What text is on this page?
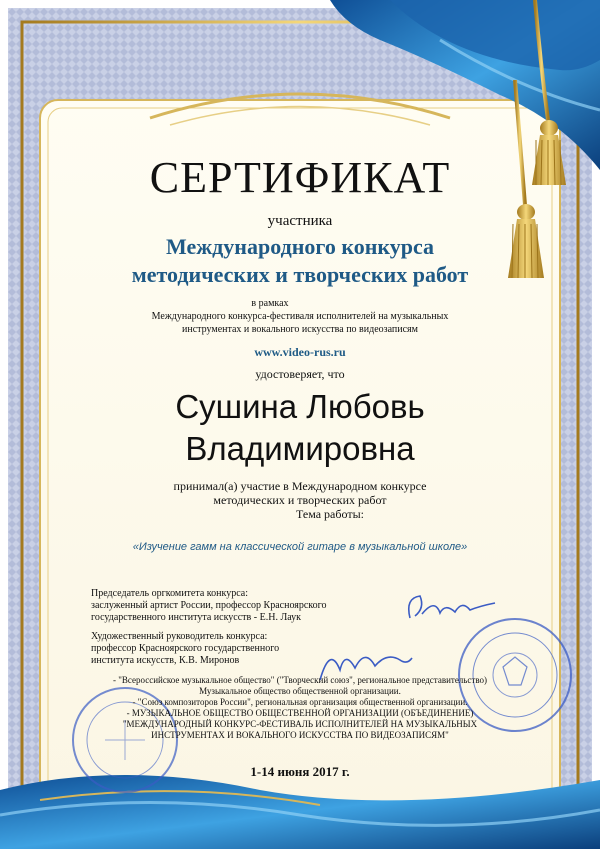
СЕРТИФИКАТ
участника
Международного конкурса
методических и творческих работ
в рамках
Международного конкурса-фестиваля исполнителей на музыкальных
инструментах и вокального искусства по видеозаписям
www.video-rus.ru
удостоверяет, что
Сушина Любовь
Владимировна
принимал(а) участие в Международном конкурсе
методических и творческих работ
Тема работы:
«Изучение гамм на классической гитаре в музыкальной школе»
Председатель оргкомитета конкурса:
заслуженный артист России, профессор Красноярского
государственного института искусств - Е.Н. Лаук
Художественный руководитель конкурса:
профессор Красноярского государственного
института искусств, К.В. Миронов
- "Всероссийское музыкальное общество" ("Творческий союз", региональное представительство)
Музыкальное общество общественной организации.
- "Союз композиторов России", региональная организация общественной организации.
- МУЗЫКАЛЬНОЕ ОБЩЕСТВО ОБЩЕСТВЕННОЙ ОРГАНИЗАЦИИ (ОБЪЕДИНЕНИЕ)
"МЕЖДУНАРОДНЫЙ КОНКУРС-ФЕСТИВАЛЬ ИСПОЛНИТЕЛЕЙ НА МУЗЫКАЛЬНЫХ
ИНСТРУМЕНТАХ И ВОКАЛЬНОГО ИСКУССТВА ПО ВИДЕОЗАПИСЯМ"
1-14 июня 2017 г.
